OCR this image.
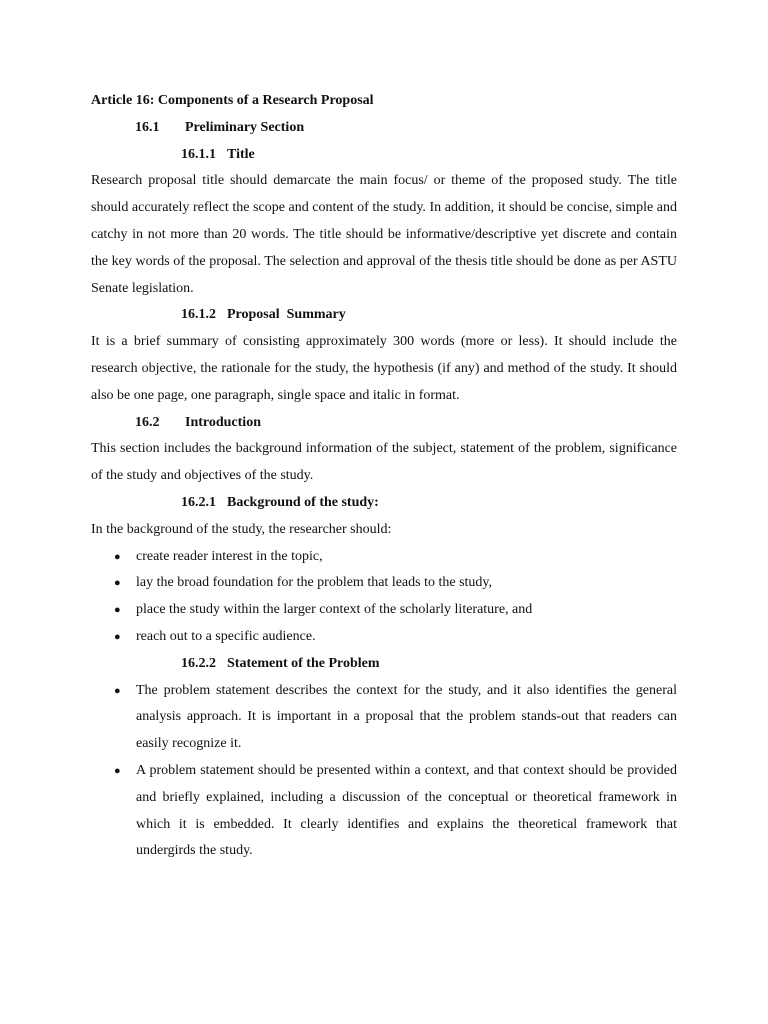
Article 16: Components of a Research Proposal

16.1 Preliminary Section

16.1.1 Title

Research proposal title should demarcate the main focus/ or theme of the proposed study. The title should accurately reflect the scope and content of the study. In addition, it should be concise, simple and catchy in not more than 20 words. The title should be informative/descriptive yet discrete and contain the key words of the proposal. The selection and approval of the thesis title should be done as per ASTU Senate legislation.

16.1.2 Proposal  Summary

It is a brief summary of consisting approximately 300 words (more or less). It should include the research objective, the rationale for the study, the hypothesis (if any) and method of the study. It should also be one page, one paragraph, single space and italic in format.

16.2 Introduction

This section includes the background information of the subject, statement of the problem, significance of the study and objectives of the study.

16.2.1 Background of the study:

In the background of the study, the researcher should:

● create reader interest in the topic,
● lay the broad foundation for the problem that leads to the study,
● place the study within the larger context of the scholarly literature, and
● reach out to a specific audience.

16.2.2 Statement of the Problem

● The problem statement describes the context for the study, and it also identifies the general analysis approach. It is important in a proposal that the problem stands-out that readers can easily recognize it.
● A problem statement should be presented within a context, and that context should be provided and briefly explained, including a discussion of the conceptual or theoretical framework in which it is embedded. It clearly identifies and explains the theoretical framework that undergirds the study.
